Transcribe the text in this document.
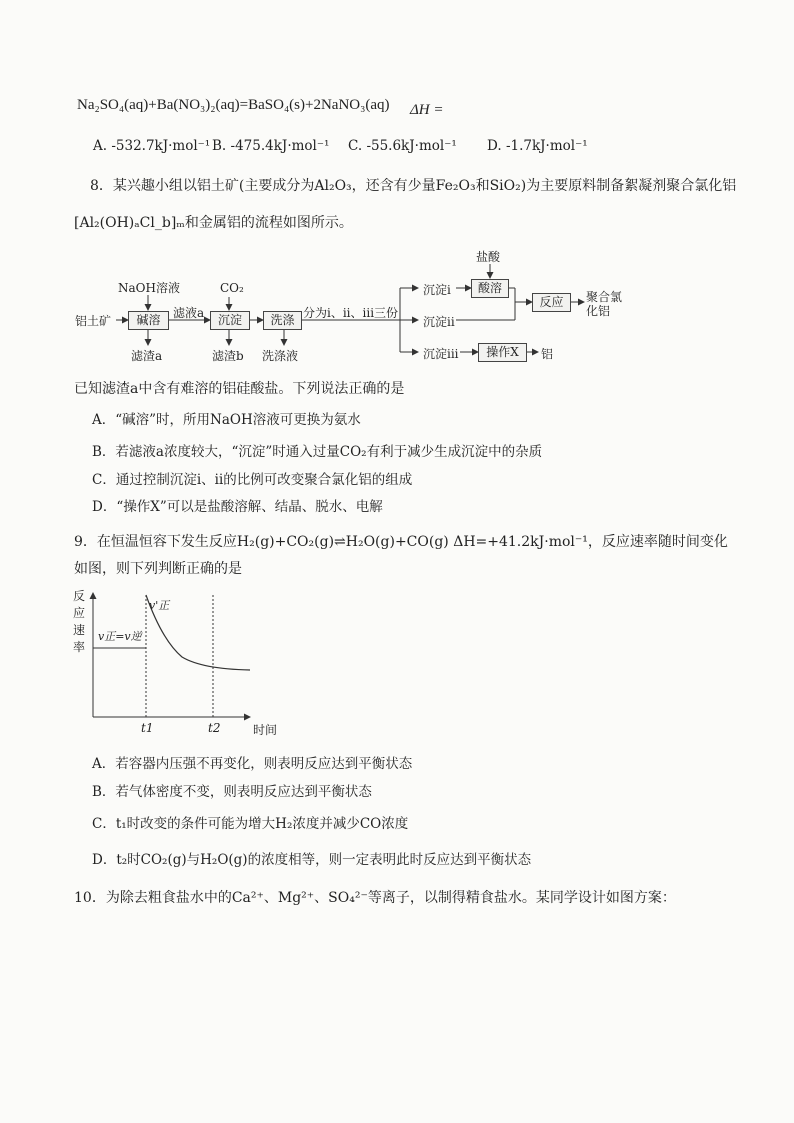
Na₂SO₄(aq)+Ba(NO₃)₂(aq)=BaSO₄(s)+2NaNO₃(aq) ΔH =
A. -532.7kJ·mol⁻¹ B. -475.4kJ·mol⁻¹ C. -55.6kJ·mol⁻¹ D. -1.7kJ·mol⁻¹
8．某兴趣小组以铝土矿(主要成分为Al₂O₃，还含有少量Fe₂O₃和SiO₂)为主要原料制备絮凝剂聚合氯化铝
[Al₂(OH)ₐCl_b]ₘ和金属铝的流程如图所示。
铝土矿
NaOH溶液
碱溶	滤液a
滤渣a
CO₂
沉淀
滤渣b
洗涤
洗涤液
分为i、ii、iii三份
盐酸
沉淀i	酸溶
沉淀ii
反应	聚合氯化铝
沉淀iii	操作X	铝
已知滤渣a中含有难溶的铝硅酸盐。下列说法正确的是
A．“碱溶”时，所用NaOH溶液可更换为氨水
B．若滤液a浓度较大，“沉淀”时通入过量CO₂有利于减少生成沉淀中的杂质
C．通过控制沉淀ⅰ、ⅱ的比例可改变聚合氯化铝的组成
D．“操作X”可以是盐酸溶解、结晶、脱水、电解
9．在恒温恒容下发生反应H₂(g)+CO₂(g)⇌H₂O(g)+CO(g) ΔH=+41.2kJ·mol⁻¹，反应速率随时间变化
如图，则下列判断正确的是
反应速率
v正=v逆
v'正
t1	t2	时间
A．若容器内压强不再变化，则表明反应达到平衡状态
B．若气体密度不变，则表明反应达到平衡状态
C．t₁时改变的条件可能为增大H₂浓度并减少CO浓度
D．t₂时CO₂(g)与H₂O(g)的浓度相等，则一定表明此时反应达到平衡状态
10．为除去粗食盐水中的Ca²⁺、Mg²⁺、SO₄²⁻等离子，以制得精食盐水。某同学设计如图方案：
